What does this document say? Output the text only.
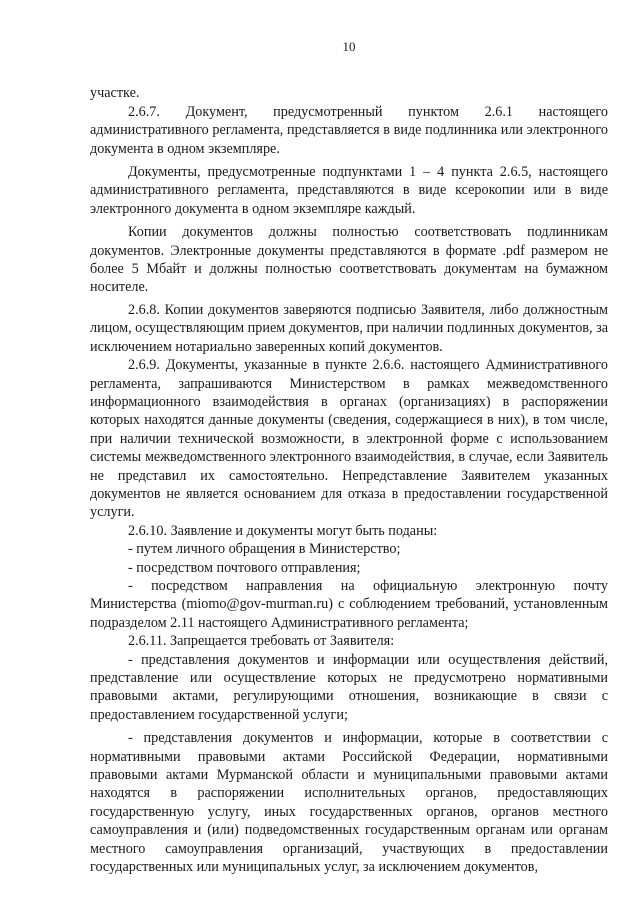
10

участке.

2.6.7. Документ, предусмотренный пунктом 2.6.1 настоящего административного регламента, представляется в виде подлинника или электронного документа в одном экземпляре.

Документы, предусмотренные подпунктами 1 – 4 пункта 2.6.5, настоящего административного регламента, представляются в виде ксерокопии или в виде электронного документа в одном экземпляре каждый.

Копии документов должны полностью соответствовать подлинникам документов. Электронные документы представляются в формате .pdf размером не более 5 Мбайт и должны полностью соответствовать документам на бумажном носителе.

2.6.8. Копии документов заверяются подписью Заявителя, либо должностным лицом, осуществляющим прием документов, при наличии подлинных документов, за исключением нотариально заверенных копий документов.

2.6.9. Документы, указанные в пункте 2.6.6. настоящего Административного регламента, запрашиваются Министерством в рамках межведомственного информационного взаимодействия в органах (организациях) в распоряжении которых находятся данные документы (сведения, содержащиеся в них), в том числе, при наличии технической возможности, в электронной форме с использованием системы межведомственного электронного взаимодействия, в случае, если Заявитель не представил их самостоятельно. Непредставление Заявителем указанных документов не является основанием для отказа в предоставлении государственной услуги.

2.6.10. Заявление и документы могут быть поданы:

- путем личного обращения в Министерство;

- посредством почтового отправления;

- посредством направления на официальную электронную почту Министерства (miomo@gov-murman.ru) с соблюдением требований, установленным подразделом 2.11 настоящего Административного регламента;

2.6.11. Запрещается требовать от Заявителя:

- представления документов и информации или осуществления действий, представление или осуществление которых не предусмотрено нормативными правовыми актами, регулирующими отношения, возникающие в связи с предоставлением государственной услуги;

- представления документов и информации, которые в соответствии с нормативными правовыми актами Российской Федерации, нормативными правовыми актами Мурманской области и муниципальными правовыми актами находятся в распоряжении исполнительных органов, предоставляющих государственную услугу, иных государственных органов, органов местного самоуправления и (или) подведомственных государственным органам или органам местного самоуправления организаций, участвующих в предоставлении государственных или муниципальных услуг, за исключением документов,
